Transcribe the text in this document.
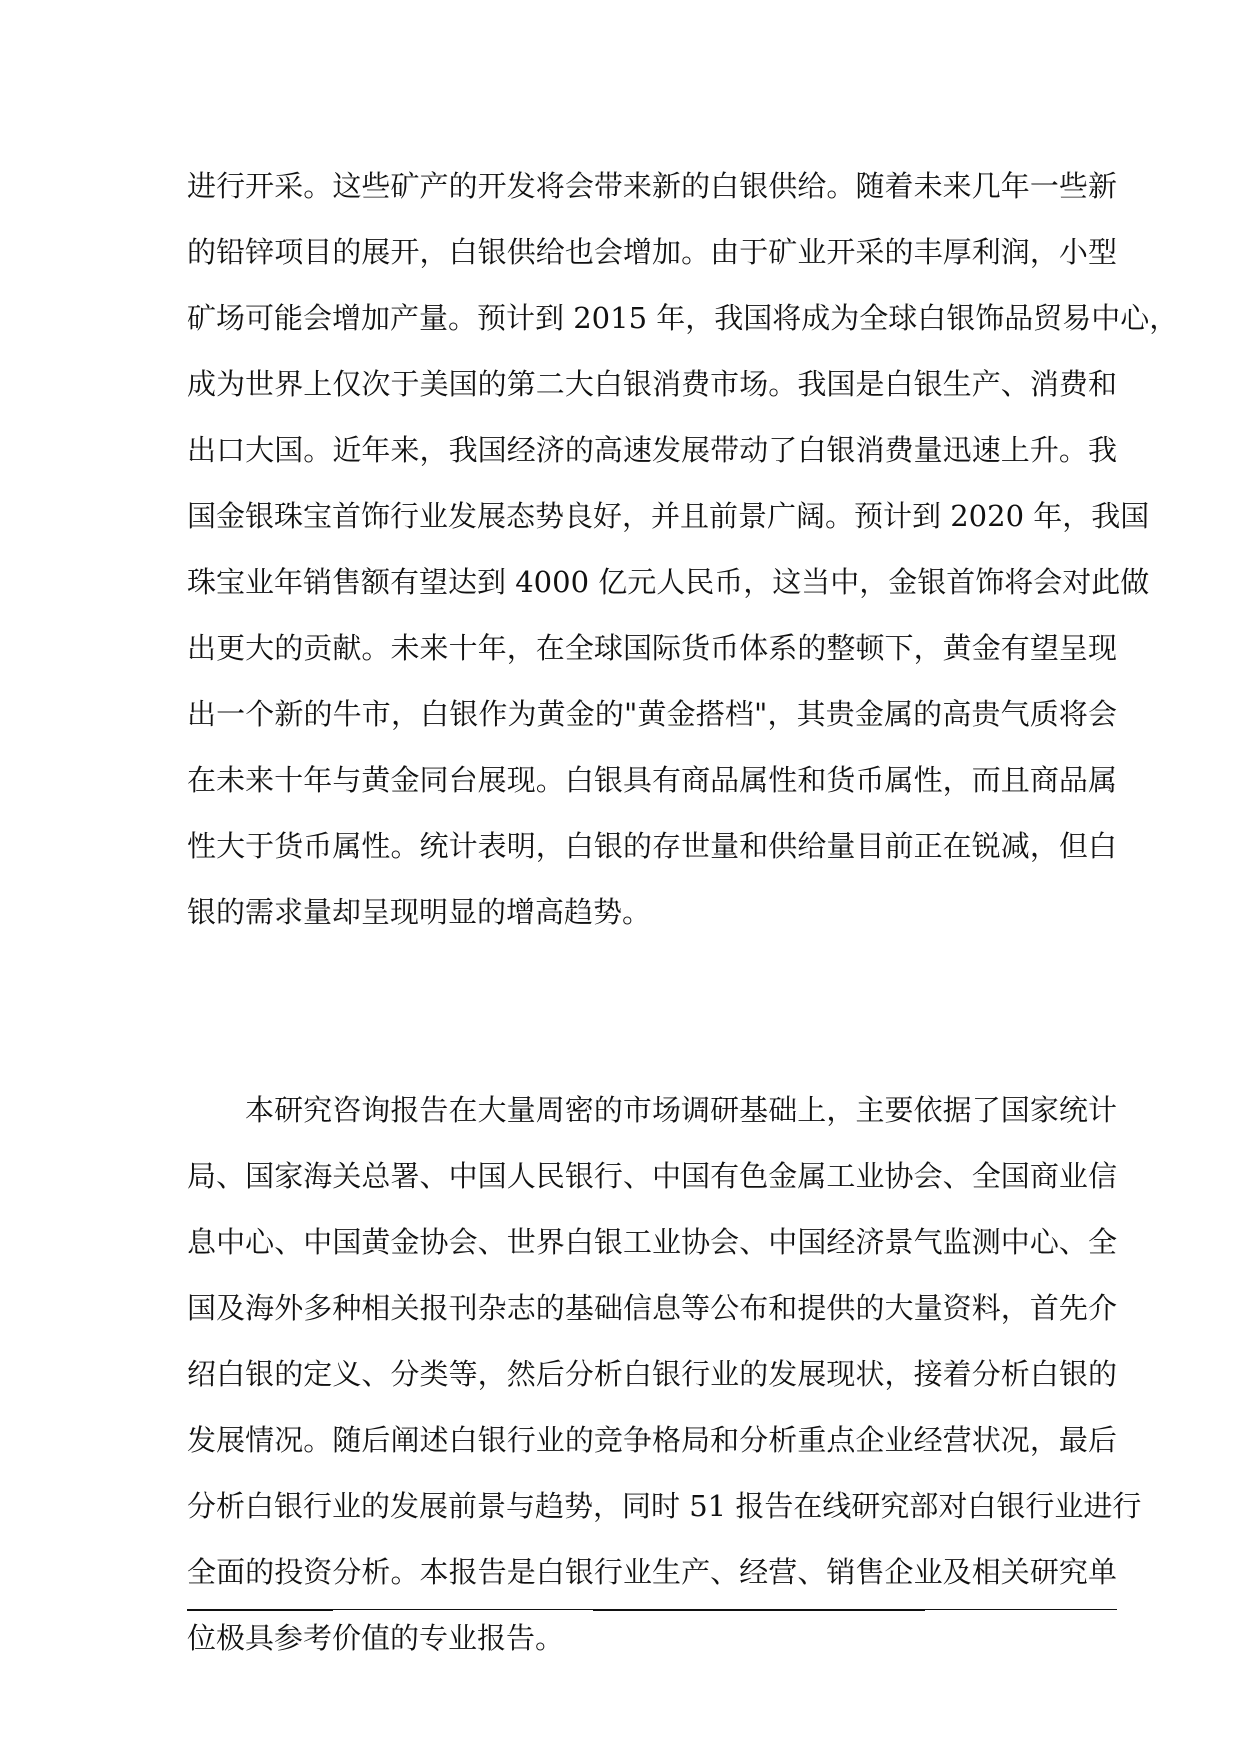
进行开采。这些矿产的开发将会带来新的白银供给。随着未来几年一些新
的铅锌项目的展开，白银供给也会增加。由于矿业开采的丰厚利润，小型
矿场可能会增加产量。预计到 2015 年，我国将成为全球白银饰品贸易中心，
成为世界上仅次于美国的第二大白银消费市场。我国是白银生产、消费和
出口大国。近年来，我国经济的高速发展带动了白银消费量迅速上升。我
国金银珠宝首饰行业发展态势良好，并且前景广阔。预计到 2020 年，我国
珠宝业年销售额有望达到 4000 亿元人民币，这当中，金银首饰将会对此做
出更大的贡献。未来十年，在全球国际货币体系的整顿下，黄金有望呈现
出一个新的牛市，白银作为黄金的"黄金搭档"，其贵金属的高贵气质将会
在未来十年与黄金同台展现。白银具有商品属性和货币属性，而且商品属
性大于货币属性。统计表明，白银的存世量和供给量目前正在锐减，但白
银的需求量却呈现明显的增高趋势。
本研究咨询报告在大量周密的市场调研基础上，主要依据了国家统计
局、国家海关总署、中国人民银行、中国有色金属工业协会、全国商业信
息中心、中国黄金协会、世界白银工业协会、中国经济景气监测中心、全
国及海外多种相关报刊杂志的基础信息等公布和提供的大量资料，首先介
绍白银的定义、分类等，然后分析白银行业的发展现状，接着分析白银的
发展情况。随后阐述白银行业的竞争格局和分析重点企业经营状况，最后
分析白银行业的发展前景与趋势，同时 51 报告在线研究部对白银行业进行
全面的投资分析。本报告是白银行业生产、经营、销售企业及相关研究单
位极具参考价值的专业报告。
